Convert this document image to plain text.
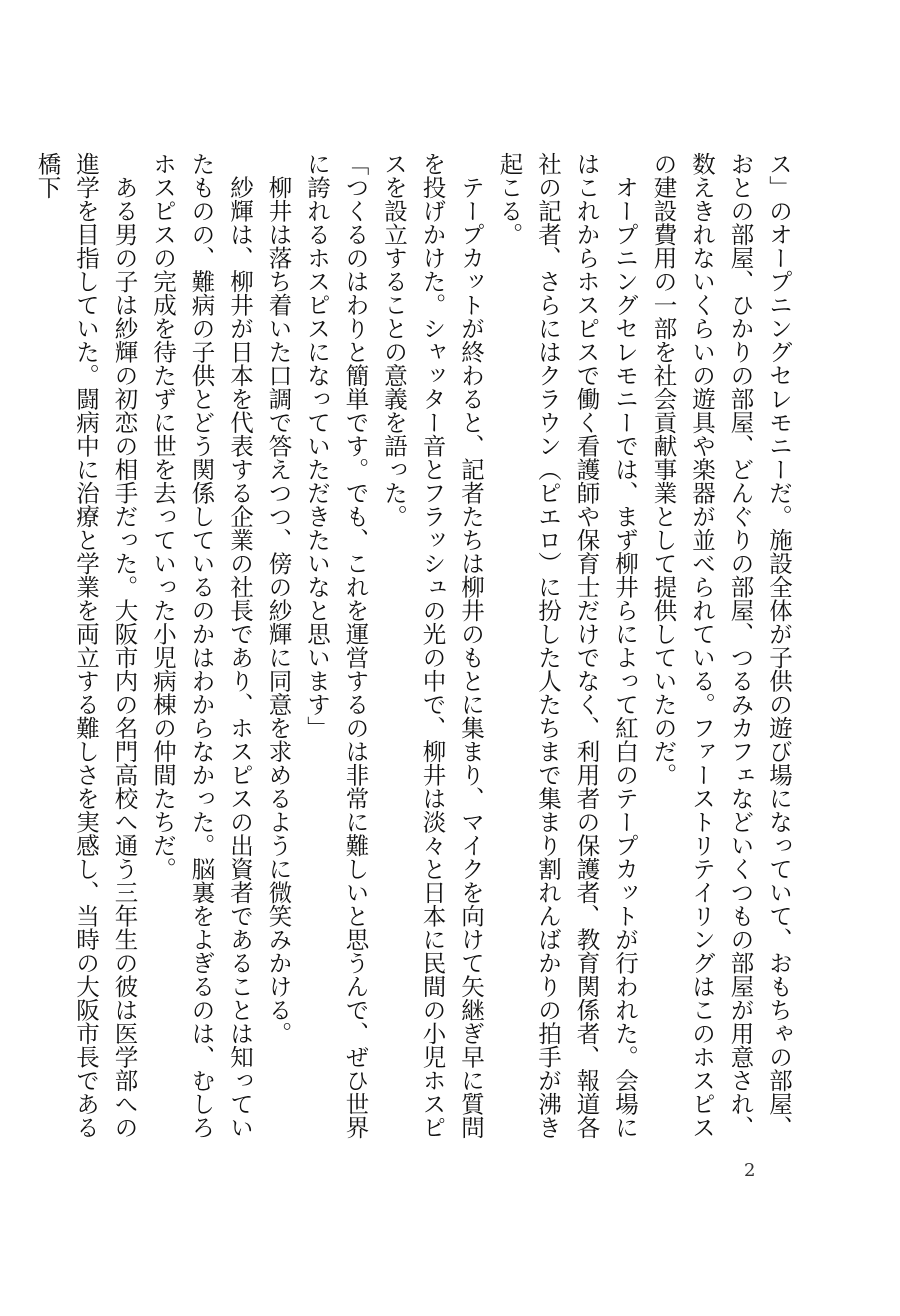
ス」のオープニングセレモニーだ。施設全体が子供の遊び場になっていて、おもちゃの部屋、おとの部屋、ひかりの部屋、どんぐりの部屋、つるみカフェなどいくつもの部屋が用意され、数えきれないくらいの遊具や楽器が並べられている。ファーストリテイリングはこのホスピスの建設費用の一部を社会貢献事業として提供していたのだ。

　オープニングセレモニーでは、まず柳井らによって紅白のテープカットが行われた。会場にはこれからホスピスで働く看護師や保育士だけでなく、利用者の保護者、教育関係者、報道各社の記者、さらにはクラウン（ピエロ）に扮した人たちまで集まり割れんばかりの拍手が沸き起こる。

　テープカットが終わると、記者たちは柳井のもとに集まり、マイクを向けて矢継ぎ早に質問を投げかけた。シャッター音とフラッシュの光の中で、柳井は淡々と日本に民間の小児ホスピスを設立することの意義を語った。

「つくるのはわりと簡単です。でも、これを運営するのは非常に難しいと思うんで、ぜひ世界に誇れるホスピスになっていただきたいなと思います」

　柳井は落ち着いた口調で答えつつ、傍の紗輝に同意を求めるように微笑みかける。

　紗輝は、柳井が日本を代表する企業の社長であり、ホスピスの出資者であることは知っていたものの、難病の子供とどう関係しているのかはわからなかった。脳裏をよぎるのは、むしろホスピスの完成を待たずに世を去っていった小児病棟の仲間たちだ。

　ある男の子は紗輝の初恋の相手だった。大阪市内の名門高校へ通う三年生の彼は医学部への進学を目指していた。闘病中に治療と学業を両立する難しさを実感し、当時の大阪市長である橋下

2
